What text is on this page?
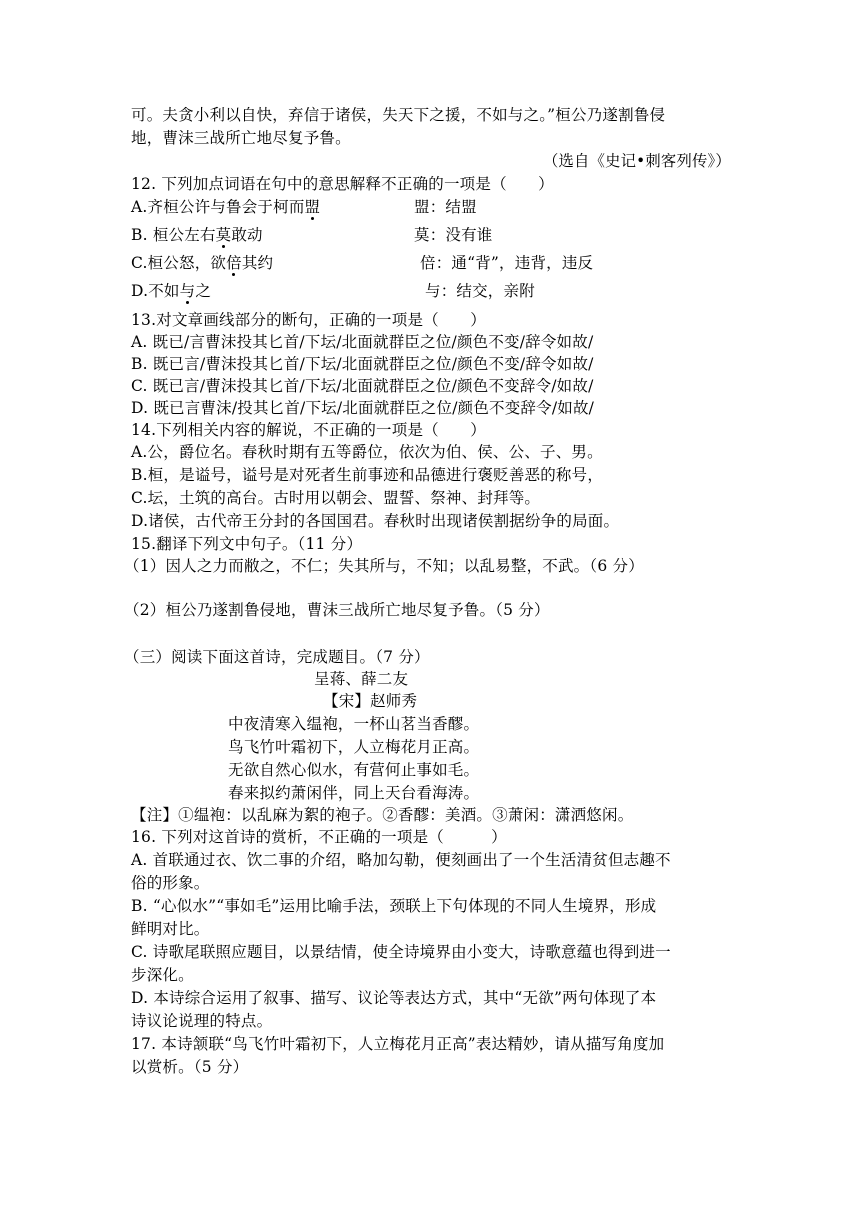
可。夫贪小利以自快，弃信于诸侯，失天下之援，不如与之。”桓公乃遂割鲁侵
地，曹沫三战所亡地尽复予鲁。
（选自《史记•刺客列传》）
12. 下列加点词语在句中的意思解释不正确的一项是（　　）
A.齐桓公许与鲁会于柯而盟	盟：结盟
B. 桓公左右莫敢动	莫：没有谁
C.桓公怒，欲倍其约	倍：通“背”，违背，违反
D.不如与之	与：结交，亲附
13.对文章画线部分的断句，正确的一项是（　　）
A. 既已/言曹沫投其匕首/下坛/北面就群臣之位/颜色不变/辞令如故/
B. 既已言/曹沫投其匕首/下坛/北面就群臣之位/颜色不变/辞令如故/
C. 既已言/曹沫投其匕首/下坛/北面就群臣之位/颜色不变辞令/如故/
D. 既已言曹沫/投其匕首/下坛/北面就群臣之位/颜色不变辞令/如故/
14.下列相关内容的解说，不正确的一项是（　　）
A.公，爵位名。春秋时期有五等爵位，依次为伯、侯、公、子、男。
B.桓，是谥号，谥号是对死者生前事迹和品德进行褒贬善恶的称号，
C.坛，土筑的高台。古时用以朝会、盟誓、祭神、封拜等。
D.诸侯，古代帝王分封的各国国君。春秋时出现诸侯割据纷争的局面。
15.翻译下列文中句子。（11 分）
（1）因人之力而敝之，不仁；失其所与，不知；以乱易整，不武。（6 分）
（2）桓公乃遂割鲁侵地，曹沫三战所亡地尽复予鲁。（5 分）
（三）阅读下面这首诗，完成题目。（7 分）
呈蒋、薛二友
【宋】赵师秀
中夜清寒入缊袍，一杯山茗当香醪。
鸟飞竹叶霜初下，人立梅花月正高。
无欲自然心似水，有营何止事如毛。
春来拟约萧闲伴，同上天台看海涛。
【注】①缊袍：以乱麻为絮的袍子。②香醪：美酒。③萧闲：潇洒悠闲。
16. 下列对这首诗的赏析，不正确的一项是（　　　）
A. 首联通过衣、饮二事的介绍，略加勾勒，便刻画出了一个生活清贫但志趣不
俗的形象。
B. “心似水”“事如毛”运用比喻手法，颈联上下句体现的不同人生境界，形成
鲜明对比。
C. 诗歌尾联照应题目，以景结情，使全诗境界由小变大，诗歌意蕴也得到进一
步深化。
D. 本诗综合运用了叙事、描写、议论等表达方式，其中“无欲”两句体现了本
诗议论说理的特点。
17. 本诗颔联“鸟飞竹叶霜初下，人立梅花月正高”表达精妙，请从描写角度加
以赏析。（5 分）
